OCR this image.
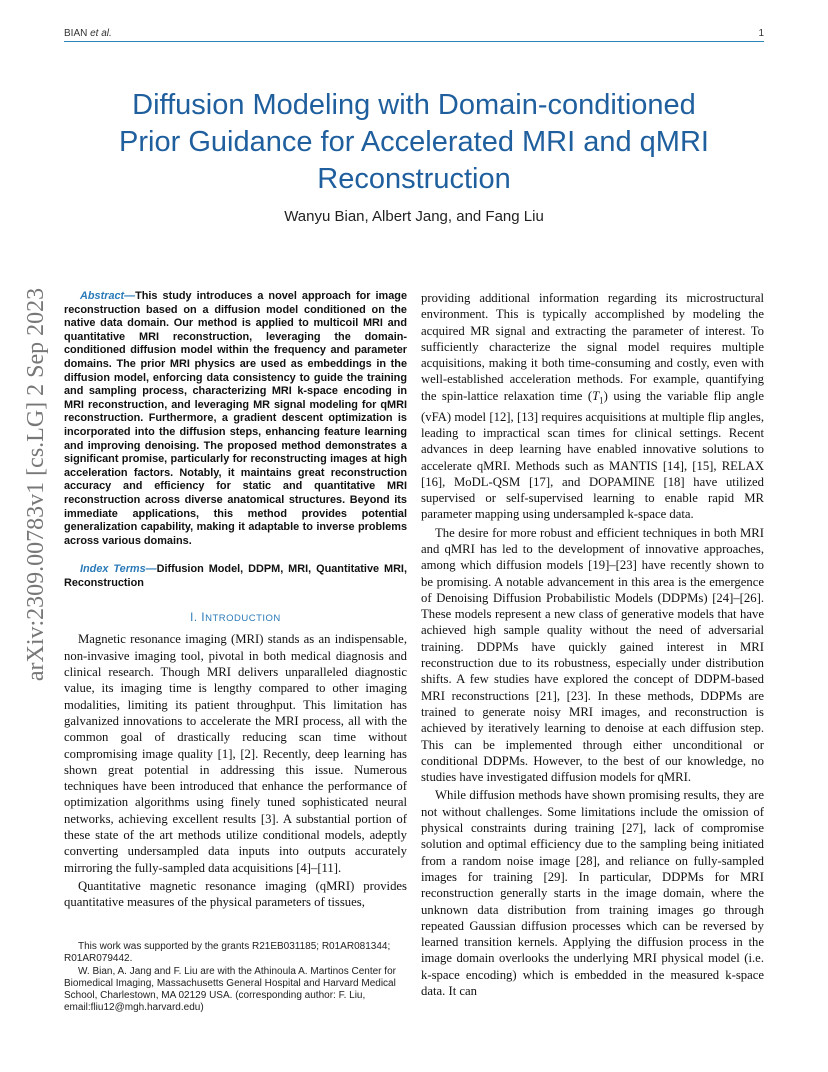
BIAN et al.	1
Diffusion Modeling with Domain-conditioned Prior Guidance for Accelerated MRI and qMRI Reconstruction
Wanyu Bian, Albert Jang, and Fang Liu
arXiv:2309.00783v1 [cs.LG] 2 Sep 2023	Abstract—This study introduces a novel approach for image reconstruction based on a diffusion model conditioned on the native data domain. Our method is applied to multicoil MRI and quantitative MRI reconstruction, leveraging the domain-conditioned diffusion model within the frequency and parameter domains. The prior MRI physics are used as embeddings in the diffusion model, enforcing data consistency to guide the training and sampling process, characterizing MRI k-space encoding in MRI reconstruction, and leveraging MR signal modeling for qMRI reconstruction. Furthermore, a gradient descent optimization is incorporated into the diffusion steps, enhancing feature learning and improving denoising. The proposed method demonstrates a significant promise, particularly for reconstructing images at high acceleration factors. Notably, it maintains great reconstruction accuracy and efficiency for static and quantitative MRI reconstruction across diverse anatomical structures. Beyond its immediate applications, this method provides potential generalization capability, making it adaptable to inverse problems across various domains.

Index Terms—Diffusion Model, DDPM, MRI, Quantitative MRI, Reconstruction

I. INTRODUCTION

Magnetic resonance imaging (MRI) stands as an indispensable, non-invasive imaging tool, pivotal in both medical diagnosis and clinical research. Though MRI delivers unparalleled diagnostic value, its imaging time is lengthy compared to other imaging modalities, limiting its patient throughput. This limitation has galvanized innovations to accelerate the MRI process, all with the common goal of drastically reducing scan time without compromising image quality [1], [2]. Recently, deep learning has shown great potential in addressing this issue. Numerous techniques have been introduced that enhance the performance of optimization algorithms using finely tuned sophisticated neural networks, achieving excellent results [3]. A substantial portion of these state of the art methods utilize conditional models, adeptly converting undersampled data inputs into outputs accurately mirroring the fully-sampled data acquisitions [4]–[11].

Quantitative magnetic resonance imaging (qMRI) provides quantitative measures of the physical parameters of tissues,

providing additional information regarding its microstructural environment. This is typically accomplished by modeling the acquired MR signal and extracting the parameter of interest. To sufficiently characterize the signal model requires multiple acquisitions, making it both time-consuming and costly, even with well-established acceleration methods. For example, quantifying the spin-lattice relaxation time $(T_1)$ using the variable flip angle (vFA) model [12], [13] requires acquisitions at multiple flip angles, leading to impractical scan times for clinical settings. Recent advances in deep learning have enabled innovative solutions to accelerate qMRI. Methods such as MANTIS [14], [15], RELAX [16], MoDL-QSM [17], and DOPAMINE [18] have utilized supervised or self-supervised learning to enable rapid MR parameter mapping using undersampled k-space data.

The desire for more robust and efficient techniques in both MRI and qMRI has led to the development of innovative approaches, among which diffusion models [19]–[23] have recently shown to be promising. A notable advancement in this area is the emergence of Denoising Diffusion Probabilistic Models (DDPMs) [24]–[26]. These models represent a new class of generative models that have achieved high sample quality without the need of adversarial training. DDPMs have quickly gained interest in MRI reconstruction due to its robustness, especially under distribution shifts. A few studies have explored the concept of DDPM-based MRI reconstructions [21], [23]. In these methods, DDPMs are trained to generate noisy MRI images, and reconstruction is achieved by iteratively learning to denoise at each diffusion step. This can be implemented through either unconditional or conditional DDPMs. However, to the best of our knowledge, no studies have investigated diffusion models for qMRI.

While diffusion methods have shown promising results, they are not without challenges. Some limitations include the omission of physical constraints during training [27], lack of compromise solution and optimal efficiency due to the sampling being initiated from a random noise image [28], and reliance on fully-sampled images for training [29]. In particular, DDPMs for MRI reconstruction generally starts in the image domain, where the unknown data distribution from training images go through repeated Gaussian diffusion processes which can be reversed by learned transition kernels. Applying the diffusion process in the image domain overlooks the underlying MRI physical model (i.e. k-space encoding) which is embedded in the measured k-space data. It can

This work was supported by the grants R21EB031185; R01AR081344; R01AR079442.

W. Bian, A. Jang and F. Liu are with the Athinoula A. Martinos Center for Biomedical Imaging, Massachusetts General Hospital and Harvard Medical School, Charlestown, MA 02129 USA. (corresponding author: F. Liu, email:fliu12@mgh.harvard.edu)
